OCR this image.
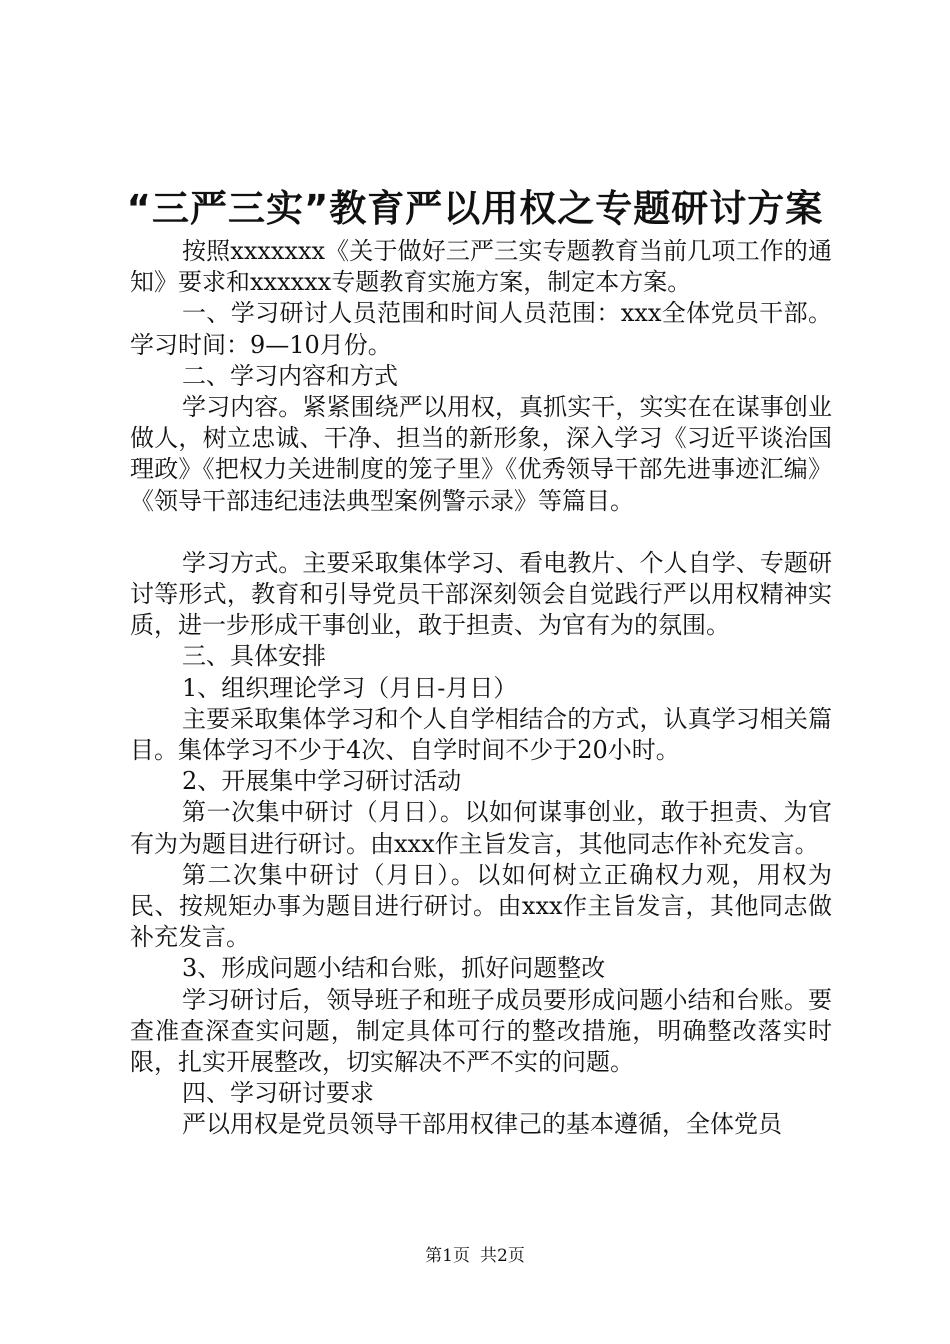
“三严三实”教育严以用权之专题研讨方案

按照xxxxxxx《关于做好三严三实专题教育当前几项工作的通知》要求和xxxxxx专题教育实施方案，制定本方案。

一、学习研讨人员范围和时间人员范围：xxx全体党员干部。学习时间：9—10月份。

二、学习内容和方式

学习内容。紧紧围绕严以用权，真抓实干，实实在在谋事创业做人，树立忠诚、干净、担当的新形象，深入学习《习近平谈治国理政》《把权力关进制度的笼子里》《优秀领导干部先进事迹汇编》《领导干部违纪违法典型案例警示录》等篇目。

学习方式。主要采取集体学习、看电教片、个人自学、专题研讨等形式，教育和引导党员干部深刻领会自觉践行严以用权精神实质，进一步形成干事创业，敢于担责、为官有为的氛围。

三、具体安排

1、组织理论学习（月日-月日）

主要采取集体学习和个人自学相结合的方式，认真学习相关篇目。集体学习不少于4次、自学时间不少于20小时。

2、开展集中学习研讨活动

第一次集中研讨（月日）。以如何谋事创业，敢于担责、为官有为为题目进行研讨。由xxx作主旨发言，其他同志作补充发言。

第二次集中研讨（月日）。以如何树立正确权力观，用权为民、按规矩办事为题目进行研讨。由xxx作主旨发言，其他同志做补充发言。

3、形成问题小结和台账，抓好问题整改

学习研讨后，领导班子和班子成员要形成问题小结和台账。要查准查深查实问题，制定具体可行的整改措施，明确整改落实时限，扎实开展整改，切实解决不严不实的问题。

四、学习研讨要求

严以用权是党员领导干部用权律己的基本遵循，全体党员

第1页 共2页
